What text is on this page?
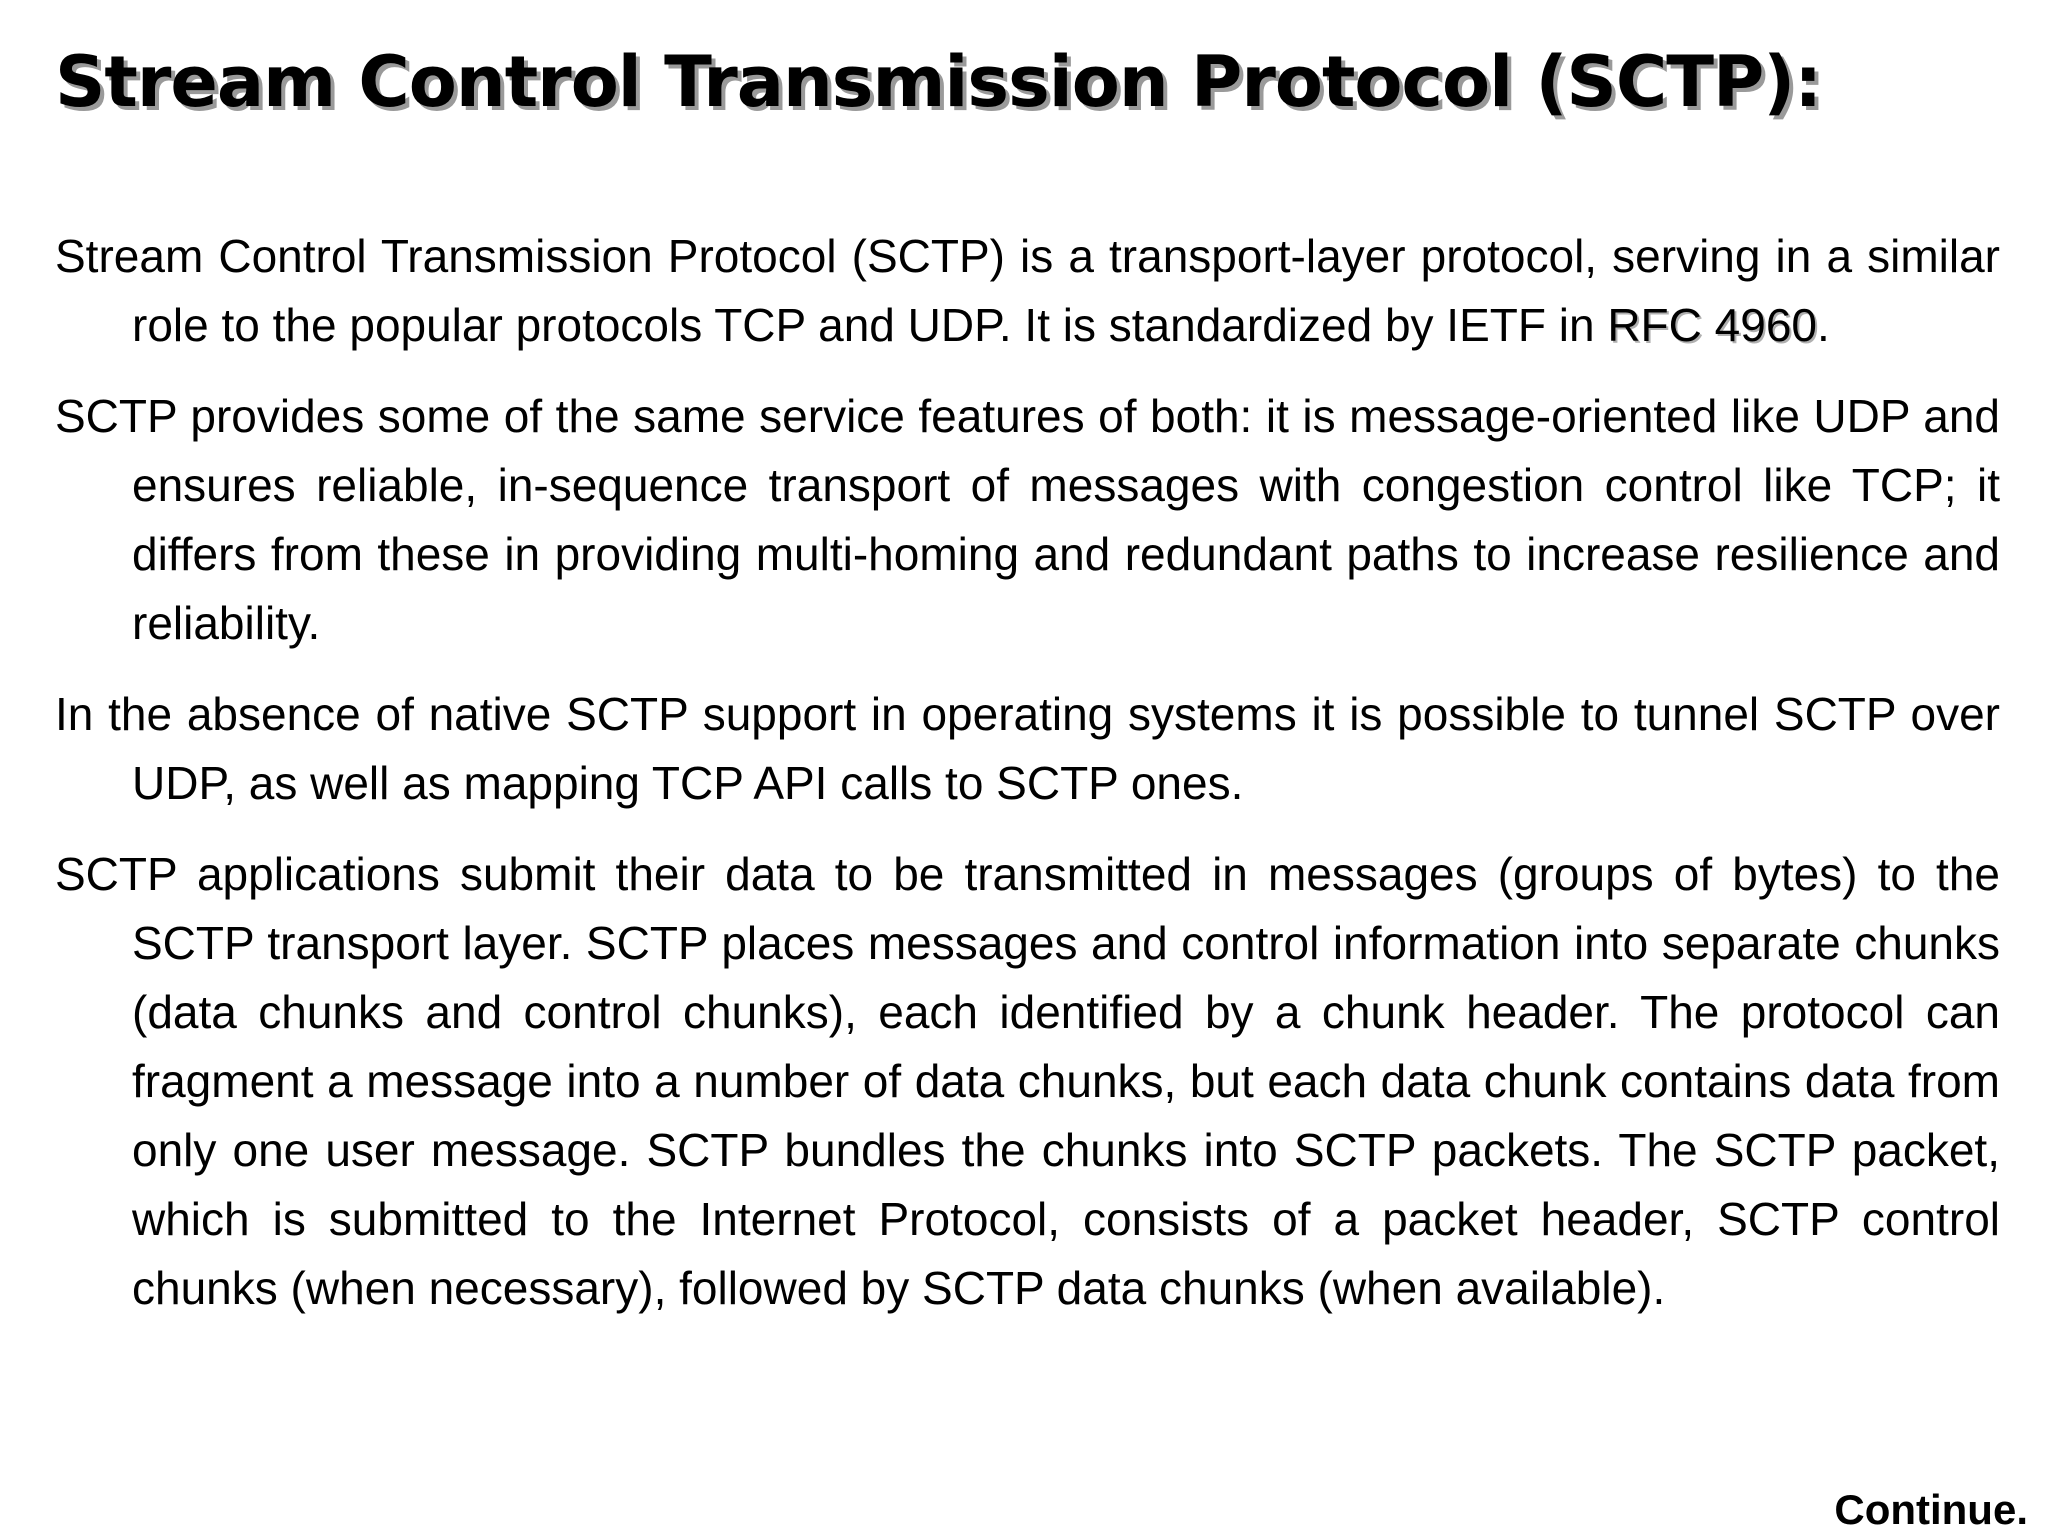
Stream Control Transmission Protocol (SCTP):

Stream Control Transmission Protocol (SCTP) is a transport-layer protocol, serving in a similar role to the popular protocols TCP and UDP. It is standardized by IETF in RFC 4960.

SCTP provides some of the same service features of both: it is message-oriented like UDP and ensures reliable, in-sequence transport of messages with congestion control like TCP; it differs from these in providing multi-homing and redundant paths to increase resilience and reliability.

In the absence of native SCTP support in operating systems it is possible to tunnel SCTP over UDP, as well as mapping TCP API calls to SCTP ones.

SCTP applications submit their data to be transmitted in messages (groups of bytes) to the SCTP transport layer. SCTP places messages and control information into separate chunks (data chunks and control chunks), each identified by a chunk header. The protocol can fragment a message into a number of data chunks, but each data chunk contains data from only one user message. SCTP bundles the chunks into SCTP packets. The SCTP packet, which is submitted to the Internet Protocol, consists of a packet header, SCTP control chunks (when necessary), followed by SCTP data chunks (when available).

Continue.
